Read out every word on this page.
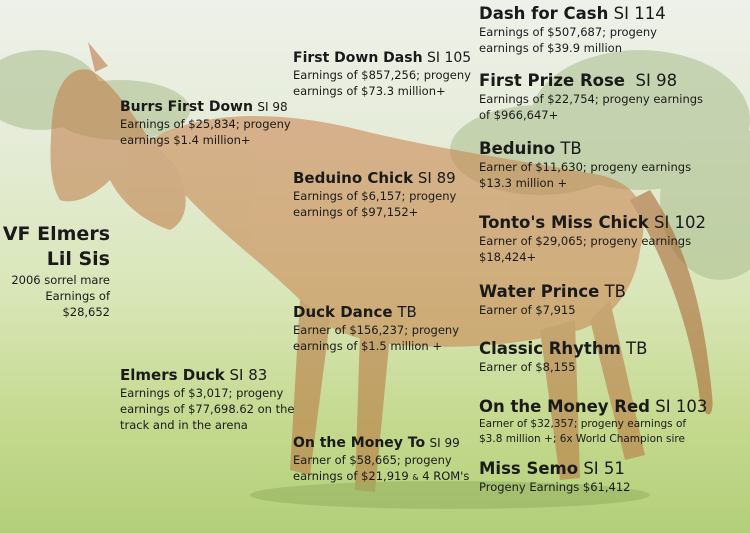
VF Elmers
Lil Sis
2006 sorrel mare
Earnings of $28,652
Burrs First Down SI 98
Earnings of $25,834; progeny
earnings $1.4 million+
Elmers Duck SI 83
Earnings of $3,017; progeny
earnings of $77,698.62 on the
track and in the arena
First Down Dash SI 105
Earnings of $857,256; progeny
earnings of $73.3 million+
Beduino Chick SI 89
Earnings of $6,157; progeny
earnings of $97,152+
Duck Dance TB
Earner of $156,237; progeny
earnings of $1.5 million +
On the Money To SI 99
Earner of $58,665; progeny
earnings of $21,919 & 4 ROM's
Dash for Cash SI 114
Earnings of $507,687; progeny
earnings of $39.9 million
First Prize Rose SI 98
Earnings of $22,754; progeny earnings
of $966,647+
Beduino TB
Earner of $11,630; progeny earnings
$13.3 million +
Tonto's Miss Chick SI 102
Earner of $29,065; progeny earnings
$18,424+
Water Prince TB
Earner of $7,915
Classic Rhythm TB
Earner of $8,155
On the Money Red SI 103
Earner of $32,357; progeny earnings of
$3.8 million +; 6x World Champion sire
Miss Semo SI 51
Progeny Earnings $61,412
